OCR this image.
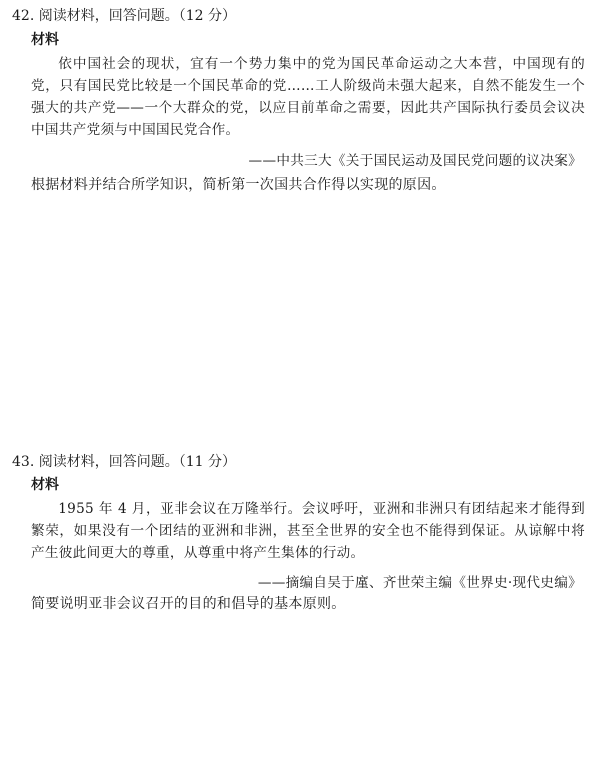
42. 阅读材料，回答问题。（12 分）
材料
依中国社会的现状，宜有一个势力集中的党为国民革命运动之大本营，中国现有的党，只有国民党比较是一个国民革命的党……工人阶级尚未强大起来，自然不能发生一个强大的共产党——一个大群众的党，以应目前革命之需要，因此共产国际执行委员会议决中国共产党须与中国国民党合作。
——中共三大《关于国民运动及国民党问题的议决案》
根据材料并结合所学知识，简析第一次国共合作得以实现的原因。
43. 阅读材料，回答问题。（11 分）
材料
1955 年 4 月，亚非会议在万隆举行。会议呼吁，亚洲和非洲只有团结起来才能得到繁荣，如果没有一个团结的亚洲和非洲，甚至全世界的安全也不能得到保证。从谅解中将产生彼此间更大的尊重，从尊重中将产生集体的行动。
——摘编自吴于廑、齐世荣主编《世界史·现代史编》
简要说明亚非会议召开的目的和倡导的基本原则。
